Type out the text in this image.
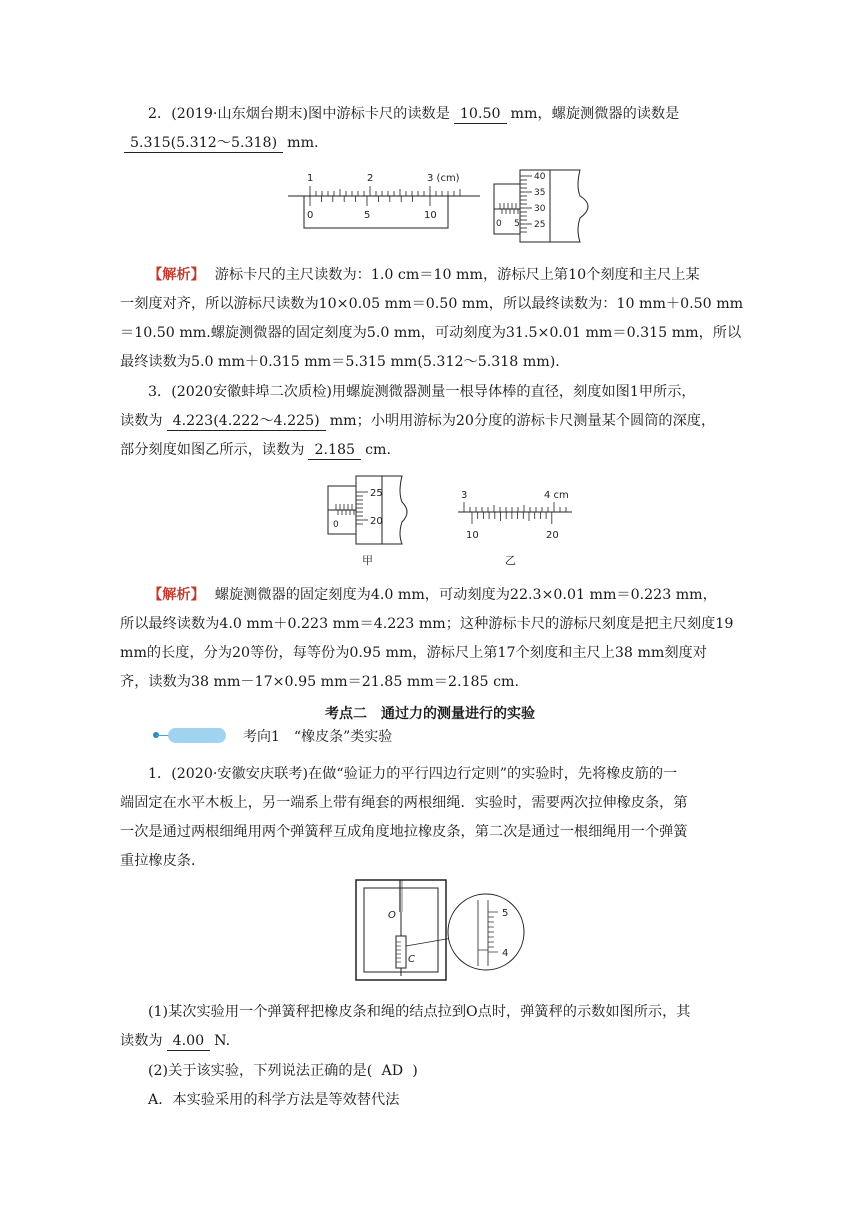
2．(2019·山东烟台期末)图中游标卡尺的读数是 10.50 mm，螺旋测微器的读数是
5.315(5.312～5.318) mm.
1	2	3 (cm)
0	5	10
0 5
40
35
30
25
【解析】 游标卡尺的主尺读数为：1.0 cm＝10 mm，游标尺上第10个刻度和主尺上某
一刻度对齐，所以游标尺读数为10×0.05 mm＝0.50 mm，所以最终读数为：10 mm＋0.50 mm
＝10.50 mm.螺旋测微器的固定刻度为5.0 mm，可动刻度为31.5×0.01 mm＝0.315 mm，所以
最终读数为5.0 mm＋0.315 mm＝5.315 mm(5.312～5.318 mm).
3．(2020安徽蚌埠二次质检)用螺旋测微器测量一根导体棒的直径，刻度如图1甲所示，
读数为 4.223(4.222～4.225) mm；小明用游标为20分度的游标卡尺测量某个圆筒的深度，
部分刻度如图乙所示，读数为 2.185 cm.
0
25
20
甲
3	4 cm
10	20
乙
【解析】 螺旋测微器的固定刻度为4.0 mm，可动刻度为22.3×0.01 mm＝0.223 mm，
所以最终读数为4.0 mm＋0.223 mm＝4.223 mm；这种游标卡尺的游标尺刻度是把主尺刻度19
mm的长度，分为20等份，每等份为0.95 mm，游标尺上第17个刻度和主尺上38 mm刻度对
齐，读数为38 mm－17×0.95 mm＝21.85 mm＝2.185 cm.
考点二　通过力的测量进行的实验
考向1　“橡皮条”类实验
1．(2020·安徽安庆联考)在做“验证力的平行四边行定则”的实验时，先将橡皮筋的一
端固定在水平木板上，另一端系上带有绳套的两根细绳．实验时，需要两次拉伸橡皮条，第
一次是通过两根细绳用两个弹簧秤互成角度地拉橡皮条，第二次是通过一根细绳用一个弹簧
重拉橡皮条．
O
C
5
4
(1)某次实验用一个弹簧秤把橡皮条和绳的结点拉到O点时，弹簧秤的示数如图所示，其
读数为 4.00 N.
(2)关于该实验，下列说法正确的是( AD )
A．本实验采用的科学方法是等效替代法
